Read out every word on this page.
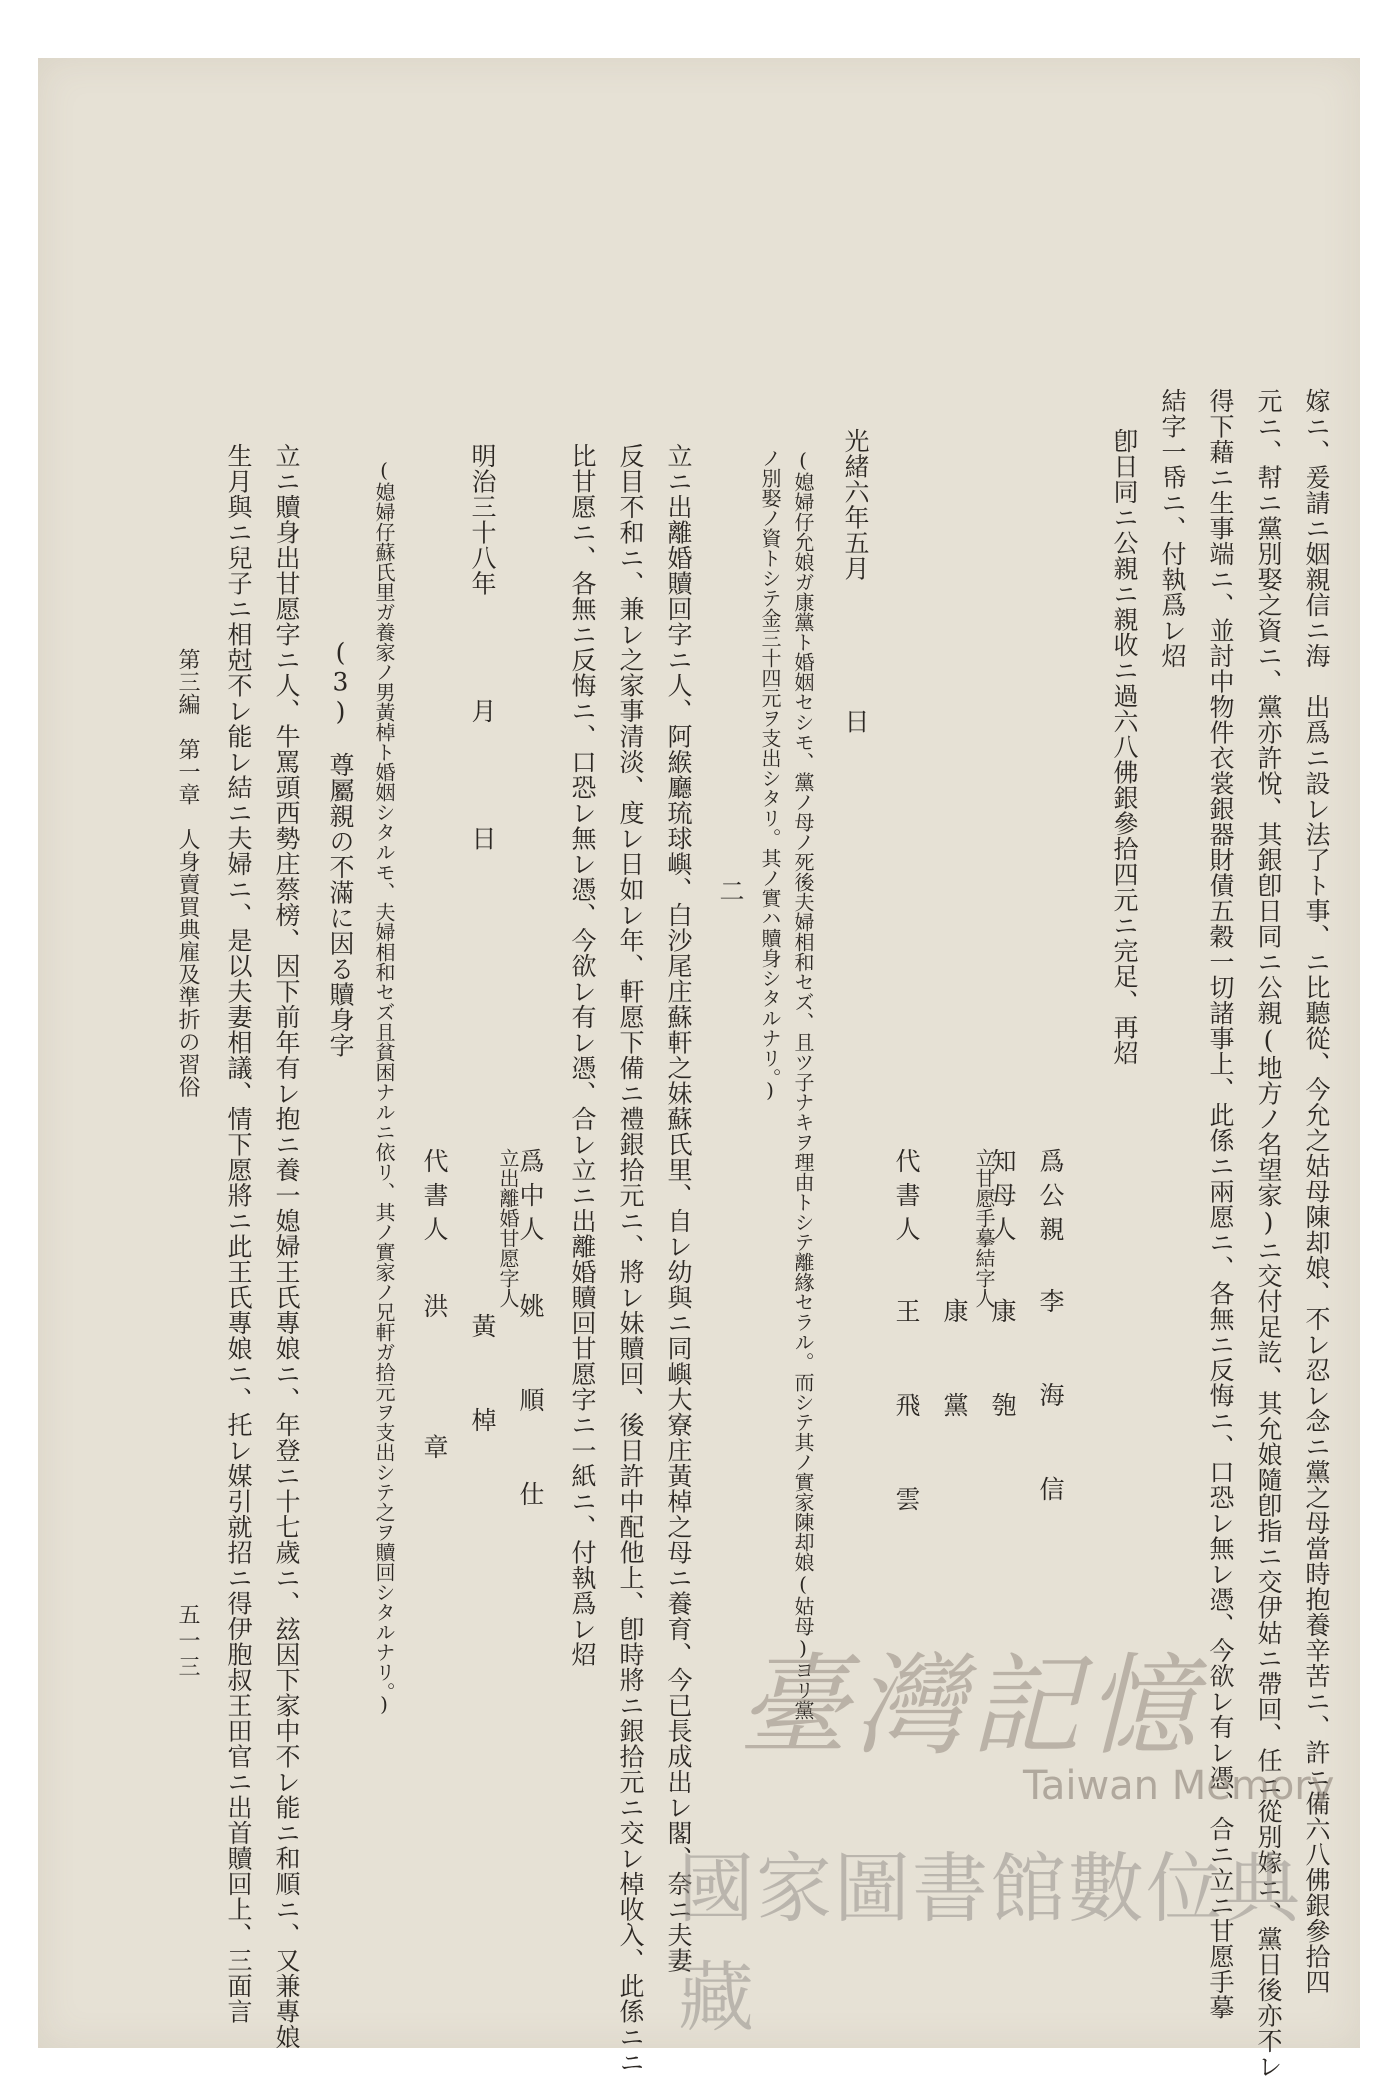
嫁ニ、爰請ニ姻親信ニ海　出爲ニ設レ法了ト事、ニ比聽從、今允之姑母陳却娘、不レ忍レ念ニ黨之母當時抱養辛苦ニ、許ニ備六八佛銀參拾四
元ニ、幇ニ黨別娶之資ニ、黨亦許悅、其銀卽日同ニ公親(地方ノ名望家)ニ交付足訖、其允娘隨卽指ニ交伊姑ニ帶回、任ニ從別嫁ニ、黨日後亦不レ
得下藉ニ生事端ニ、並討中物件衣裳銀器財債五穀一切諸事上、此係ニ兩愿ニ、各無ニ反悔ニ、口恐レ無レ憑、今欲レ有レ憑、合ニ立ニ甘愿手摹
結字一帋ニ、付執爲レ炤
卽日同ニ公親ニ親收ニ過六八佛銀參拾四元ニ完足、再炤
爲公親
李　海　信
知母人
康　匏
立甘愿手摹結字人
康　黨
代書人
王　飛　雲
光緒六年五月　　　　　日
(媳婦仔允娘ガ康黨ト婚姻セシモ、黨ノ母ノ死後夫婦相和セズ、且ツ子ナキヲ理由トシテ離緣セラル。而シテ其ノ實家陳却娘(姑母)ヨリ黨
ノ別娶ノ資トシテ金三十四元ヲ支出シタリ。其ノ實ハ贖身シタルナリ。)
二
立ニ出離婚贖回字ニ人、阿緱廳琉球嶼、白沙尾庄蘇軒之妹蘇氏里、自レ幼與ニ同嶼大寮庄黃棹之母ニ養育、今已長成出レ閣、奈ニ夫妻
反目不和ニ、兼レ之家事清淡、度レ日如レ年、軒愿下備ニ禮銀拾元ニ、將レ妹贖回、後日許中配他上、卽時將ニ銀拾元ニ交レ棹收入、此係ニニ
比甘愿ニ、各無ニ反悔ニ、口恐レ無レ憑、今欲レ有レ憑、合レ立ニ出離婚贖回甘愿字ニ一紙ニ、付執爲レ炤
爲中人
姚　順　仕
明治三十八年　　　　月　　　　日
立出離婚甘愿字人
黃　棹
代書人
洪　　章
(媳婦仔蘇氏里ガ養家ノ男黃棹ト婚姻シタルモ、夫婦相和セズ且貧困ナルニ依リ、其ノ實家ノ兄軒ガ拾元ヲ支出シテ之ヲ贖回シタルナリ。)
(3)　尊屬親の不滿に因る贖身字
立ニ贖身出甘愿字ニ人、牛罵頭西勢庄蔡榜、因下前年有レ抱ニ養一媳婦王氏專娘ニ、年登ニ十七歲ニ、玆因下家中不レ能ニ和順ニ、又兼專娘
生月與ニ兒子ニ相尅不レ能レ結ニ夫婦ニ、是以夫妻相議、情下愿將ニ此王氏專娘ニ、托レ媒引就招ニ得伊胞叔王田官ニ出首贖回上、三面言
第三編　第一章　人身賣買典雇及準折の習俗
五一三	臺灣記憶
Taiwan Memory
國家圖書館數位典藏
